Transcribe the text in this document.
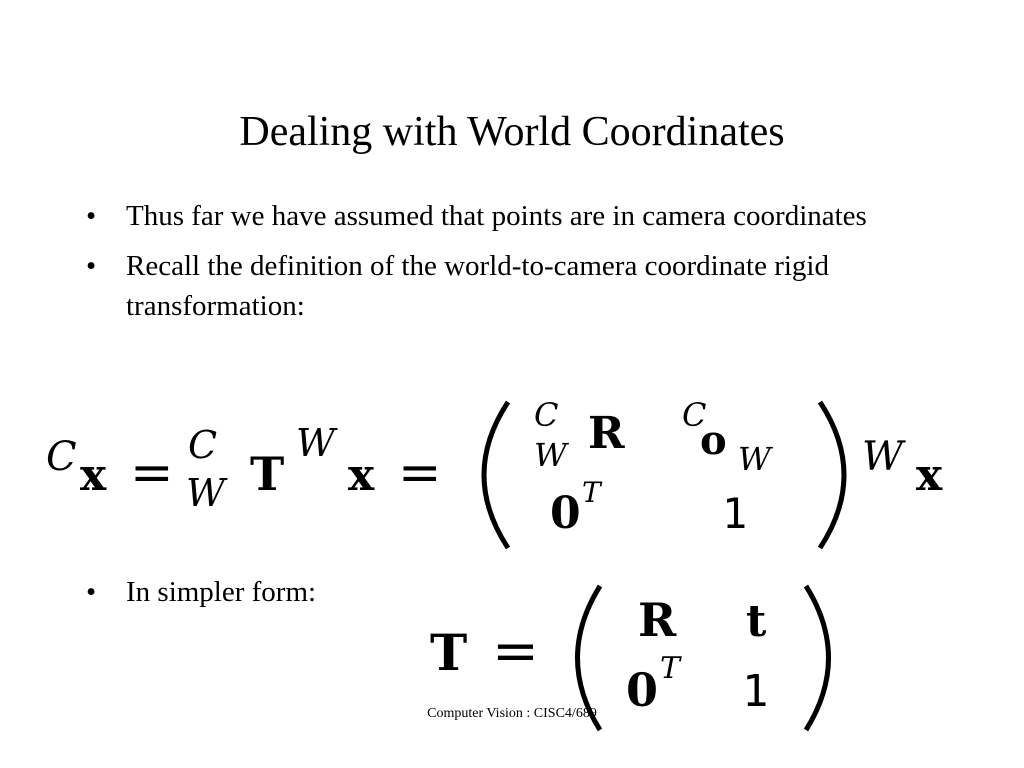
Dealing with World Coordinates
• Thus far we have assumed that points are in camera coordinates
• Recall the definition of the world-to-camera coordinate rigid transformation:
C x = C
W T
W
x =
C
W R C
o W
0 T	1
W x
• In simpler form:
T = R t
0 T 1
Computer Vision : CISC4/689
